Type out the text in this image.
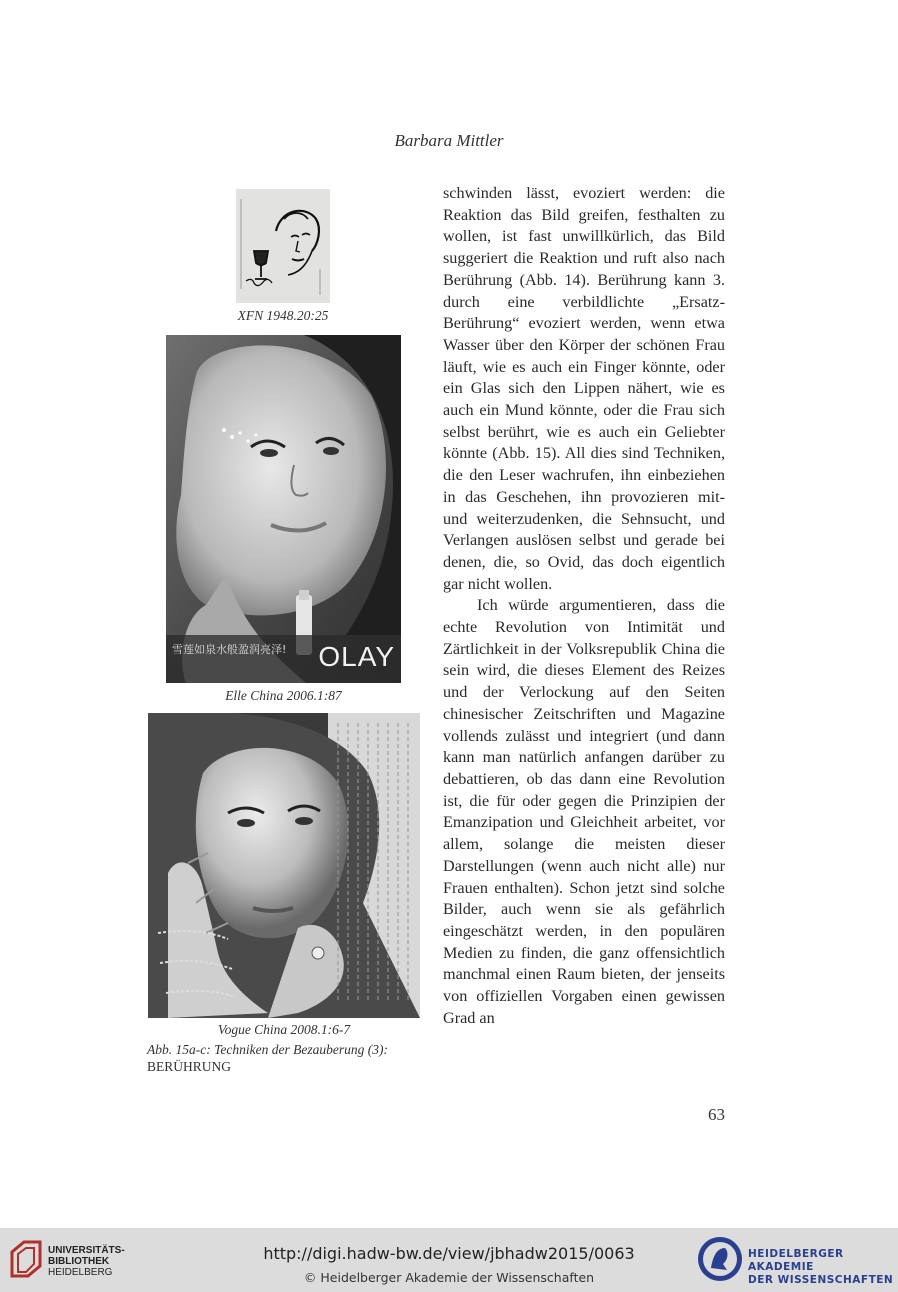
Barbara Mittler
XFN 1948.20:25
雪莲如泉水般盈润亮泽! OLAY
Elle China 2006.1:87
Vogue China 2008.1:6-7
Abb. 15a-c: Techniken der Bezauberung (3):
BERÜHRUNG

schwinden lässt, evoziert werden: die Reaktion das Bild greifen, festhalten zu wollen, ist fast unwillkürlich, das Bild suggeriert die Reaktion und ruft also nach Berührung (Abb. 14). Berührung kann 3. durch eine verbildlichte „Ersatz-Berührung“ evoziert werden, wenn etwa Wasser über den Körper der schönen Frau läuft, wie es auch ein Finger könnte, oder ein Glas sich den Lippen nähert, wie es auch ein Mund könnte, oder die Frau sich selbst berührt, wie es auch ein Geliebter könnte (Abb. 15). All dies sind Techniken, die den Leser wachrufen, ihn einbeziehen in das Geschehen, ihn provozieren mit- und weiterzudenken, die Sehnsucht, und Verlangen auslösen selbst und gerade bei denen, die, so Ovid, das doch eigentlich gar nicht wollen.

Ich würde argumentieren, dass die echte Revolution von Intimität und Zärtlichkeit in der Volksrepublik China die sein wird, die dieses Element des Reizes und der Verlockung auf den Seiten chinesischer Zeitschriften und Magazine vollends zulässt und integriert (und dann kann man natürlich anfangen darüber zu debattieren, ob das dann eine Revolution ist, die für oder gegen die Prinzipien der Emanzipation und Gleichheit arbeitet, vor allem, solange die meisten dieser Darstellungen (wenn auch nicht alle) nur Frauen enthalten). Schon jetzt sind solche Bilder, auch wenn sie als gefährlich eingeschätzt werden, in den populären Medien zu finden, die ganz offensichtlich manchmal einen Raum bieten, der jenseits von offiziellen Vorgaben einen gewissen Grad an

63
UNIVERSITÄTS-
BIBLIOTHEK
HEIDELBERG
http://digi.hadw-bw.de/view/jbhadw2015/0063
© Heidelberger Akademie der Wissenschaften
HEIDELBERGER AKADEMIE
DER WISSENSCHAFTEN
